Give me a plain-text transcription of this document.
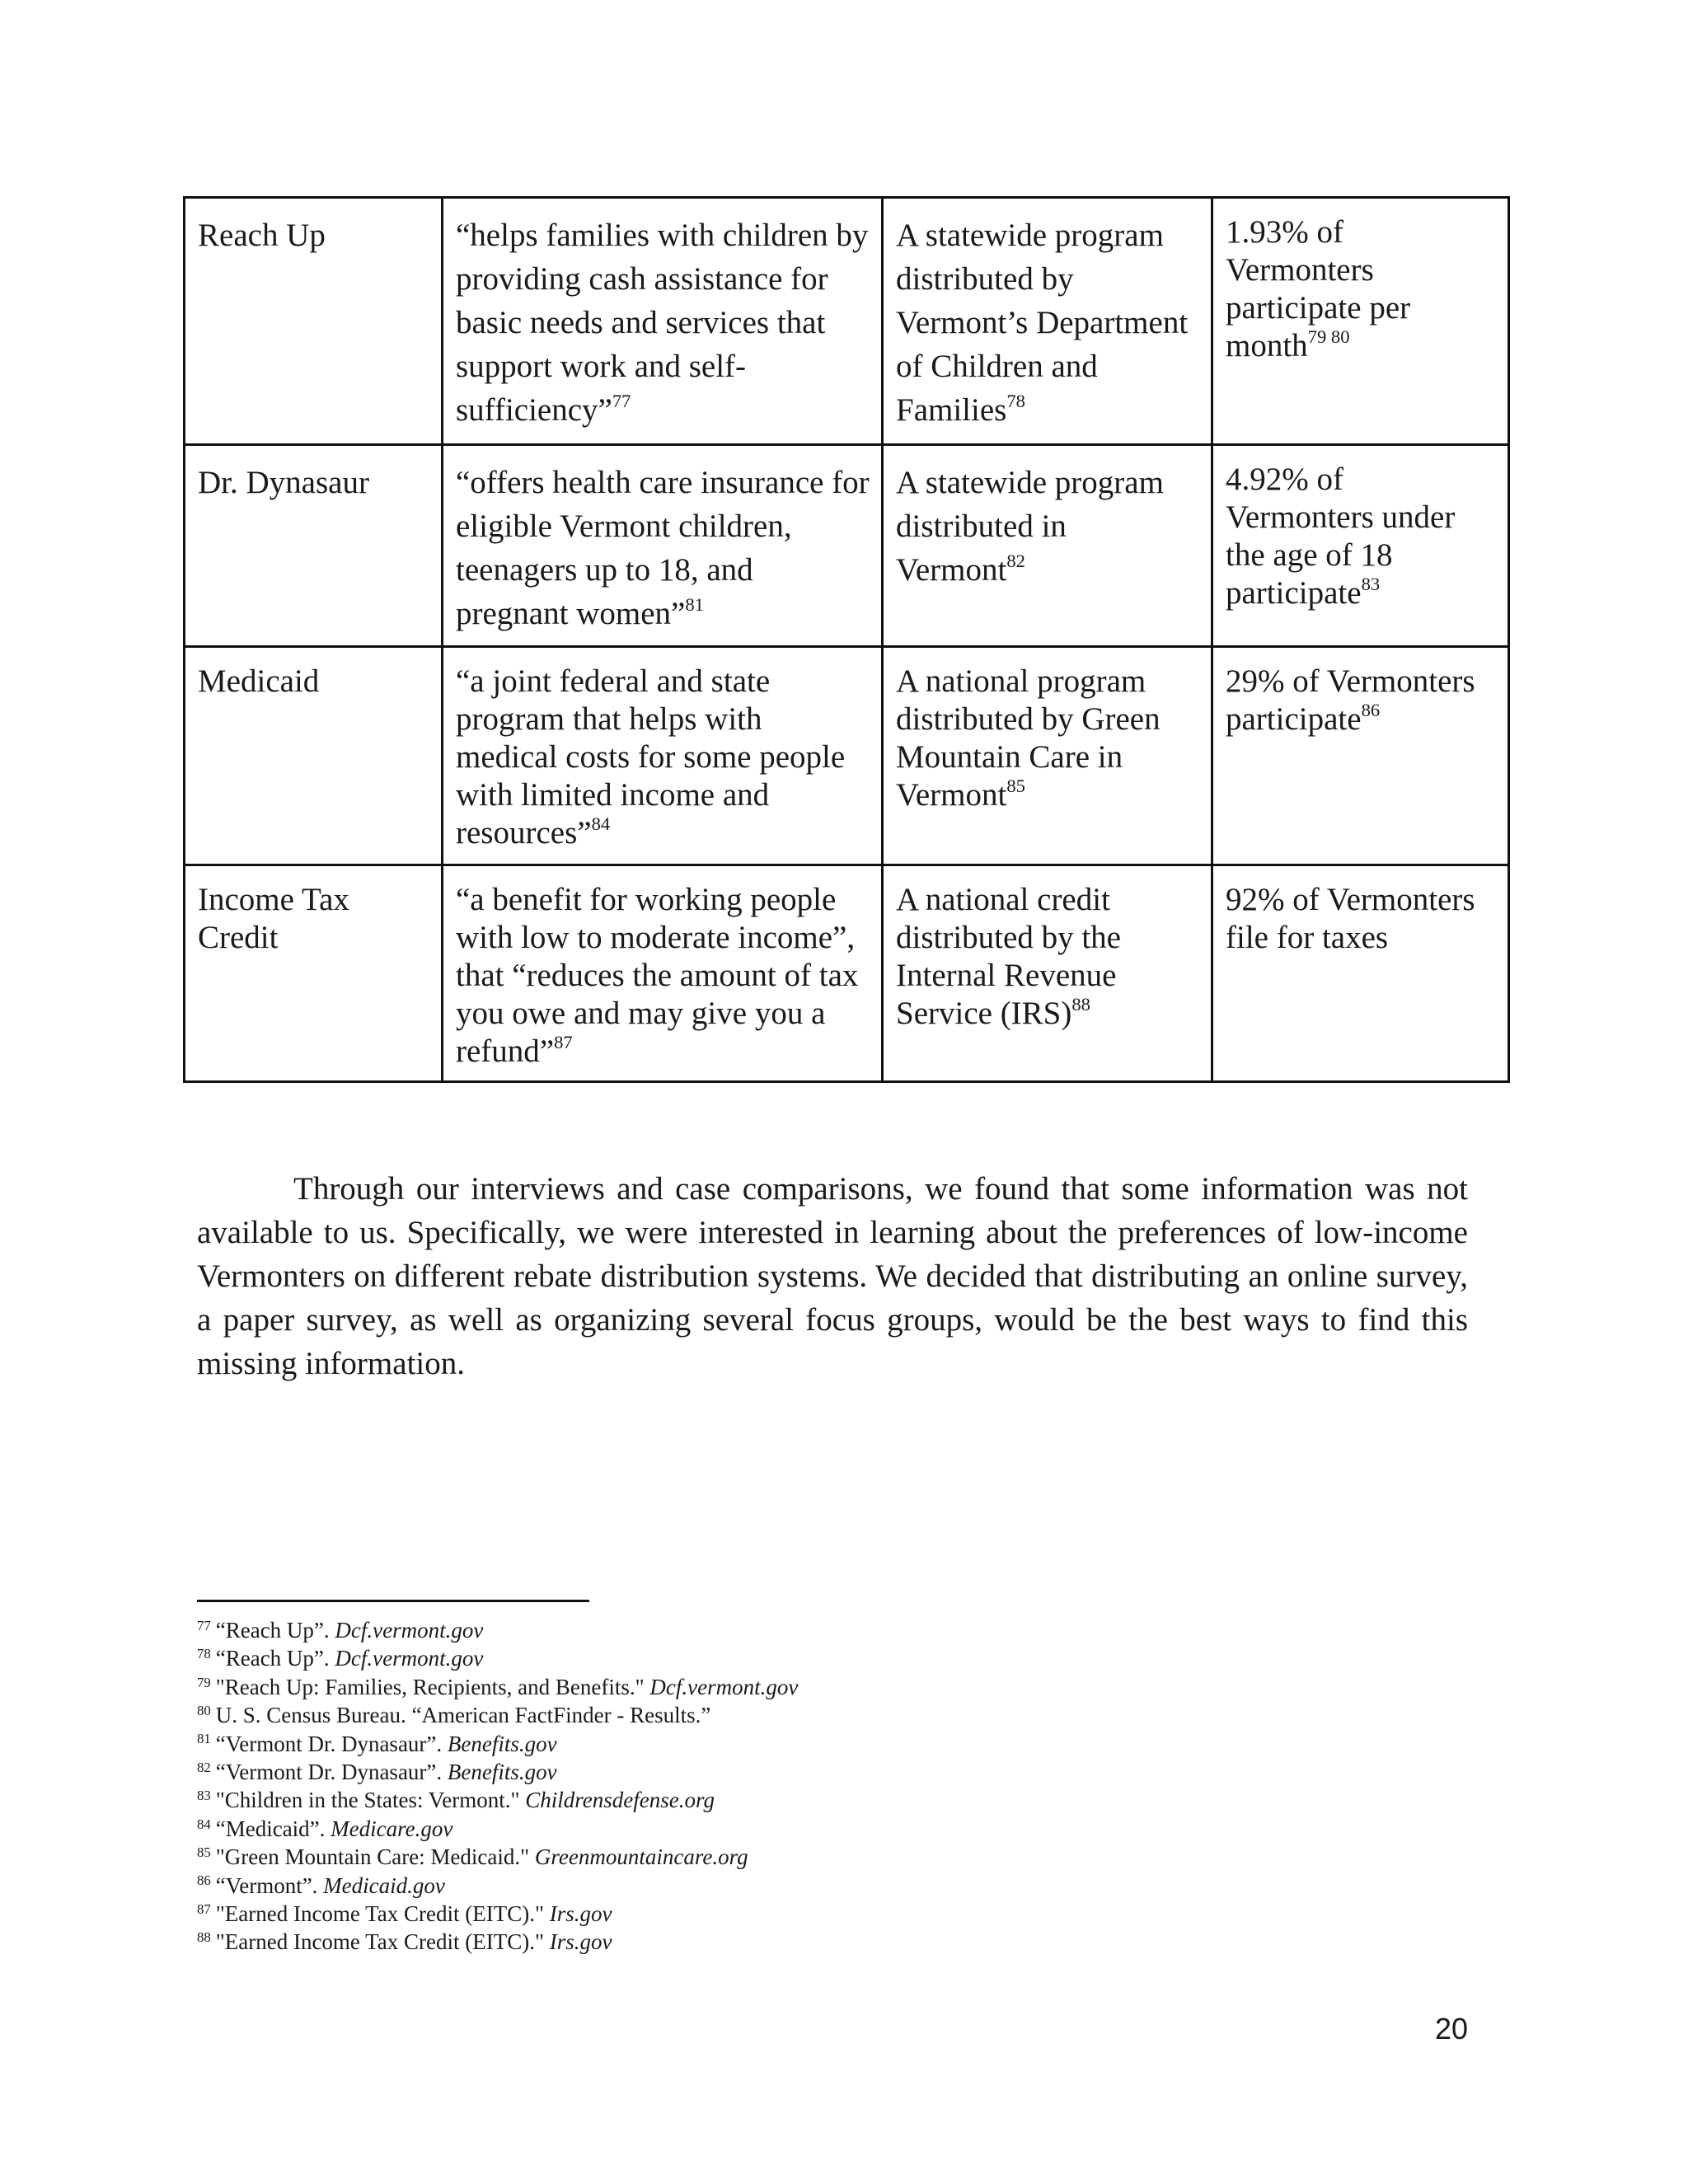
Reach Up	“helps families with children by providing cash assistance for basic needs and services that support work and self-sufficiency”$^{77}$	A statewide program distributed by Vermont’s Department of Children and Families$^{78}$	1.93% of Vermonters participate per month$^{79 80}$
Dr. Dynasaur	“offers health care insurance for eligible Vermont children, teenagers up to 18, and pregnant women”$^{81}$	A statewide program distributed in Vermont$^{82}$	4.92% of Vermonters under the age of 18 participate$^{83}$
Medicaid	“a joint federal and state program that helps with medical costs for some people with limited income and resources”$^{84}$	A national program distributed by Green Mountain Care in Vermont$^{85}$	29% of Vermonters participate$^{86}$
Income Tax Credit	“a benefit for working people with low to moderate income”, that “reduces the amount of tax you owe and may give you a refund”$^{87}$	A national credit distributed by the Internal Revenue Service (IRS)$^{88}$	92% of Vermonters file for taxes

Through our interviews and case comparisons, we found that some information was not available to us. Specifically, we were interested in learning about the preferences of low-income Vermonters on different rebate distribution systems. We decided that distributing an online survey, a paper survey, as well as organizing several focus groups, would be the best ways to find this missing information.

$^{77}$ “Reach Up”. Dcf.vermont.gov
$^{78}$ “Reach Up”. Dcf.vermont.gov
$^{79}$ "Reach Up: Families, Recipients, and Benefits." Dcf.vermont.gov
$^{80}$ U. S. Census Bureau. “American FactFinder - Results.”
$^{81}$ “Vermont Dr. Dynasaur”. Benefits.gov
$^{82}$ “Vermont Dr. Dynasaur”. Benefits.gov
$^{83}$ "Children in the States: Vermont." Childrensdefense.org
$^{84}$ “Medicaid”. Medicare.gov
$^{85}$ "Green Mountain Care: Medicaid." Greenmountaincare.org
$^{86}$ “Vermont”. Medicaid.gov
$^{87}$ "Earned Income Tax Credit (EITC)." Irs.gov
$^{88}$ "Earned Income Tax Credit (EITC)." Irs.gov
20
